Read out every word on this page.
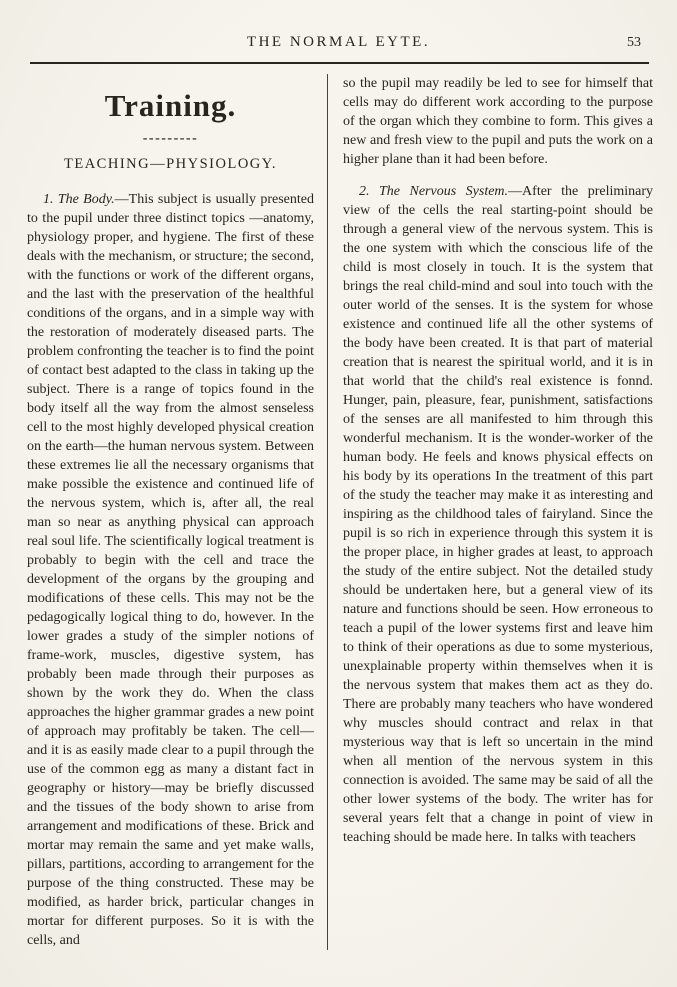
THE NORMAL EYTE.	53
Training.
---------
TEACHING—PHYSIOLOGY.

1. The Body.—This subject is usually presented to the pupil under three distinct topics —anatomy, physiology proper, and hygiene. The first of these deals with the mechanism, or structure; the second, with the functions or work of the different organs, and the last with the preservation of the healthful conditions of the organs, and in a simple way with the restoration of moderately diseased parts. The problem confronting the teacher is to find the point of contact best adapted to the class in taking up the subject. There is a range of topics found in the body itself all the way from the almost senseless cell to the most highly developed physical creation on the earth—the human nervous system. Between these extremes lie all the necessary organisms that make possible the existence and continued life of the nervous system, which is, after all, the real man so near as anything physical can approach real soul life. The scientifically logical treatment is probably to begin with the cell and trace the development of the organs by the grouping and modifications of these cells. This may not be the pedagogically logical thing to do, however. In the lower grades a study of the simpler notions of frame-work, muscles, digestive system, has probably been made through their purposes as shown by the work they do. When the class approaches the higher grammar grades a new point of approach may profitably be taken. The cell—and it is as easily made clear to a pupil through the use of the common egg as many a distant fact in geography or history—may be briefly discussed and the tissues of the body shown to arise from arrangement and modifications of these. Brick and mortar may remain the same and yet make walls, pillars, partitions, according to arrangement for the purpose of the thing constructed. These may be modified, as harder brick, particular changes in mortar for different purposes. So it is with the cells, and

so the pupil may readily be led to see for himself that cells may do different work according to the purpose of the organ which they combine to form. This gives a new and fresh view to the pupil and puts the work on a higher plane than it had been before.

2. The Nervous System.—After the preliminary view of the cells the real starting-point should be through a general view of the nervous system. This is the one system with which the conscious life of the child is most closely in touch. It is the system that brings the real child-mind and soul into touch with the outer world of the senses. It is the system for whose existence and continued life all the other systems of the body have been created. It is that part of material creation that is nearest the spiritual world, and it is in that world that the child's real existence is fonnd. Hunger, pain, pleasure, fear, punishment, satisfactions of the senses are all manifested to him through this wonderful mechanism. It is the wonder-worker of the human body. He feels and knows physical effects on his body by its operations In the treatment of this part of the study the teacher may make it as interesting and inspiring as the childhood tales of fairyland. Since the pupil is so rich in experience through this system it is the proper place, in higher grades at least, to approach the study of the entire subject. Not the detailed study should be undertaken here, but a general view of its nature and functions should be seen. How erroneous to teach a pupil of the lower systems first and leave him to think of their operations as due to some mysterious, unexplainable property within themselves when it is the nervous system that makes them act as they do. There are probably many teachers who have wondered why muscles should contract and relax in that mysterious way that is left so uncertain in the mind when all mention of the nervous system in this connection is avoided. The same may be said of all the other lower systems of the body. The writer has for several years felt that a change in point of view in teaching should be made here. In talks with teachers
